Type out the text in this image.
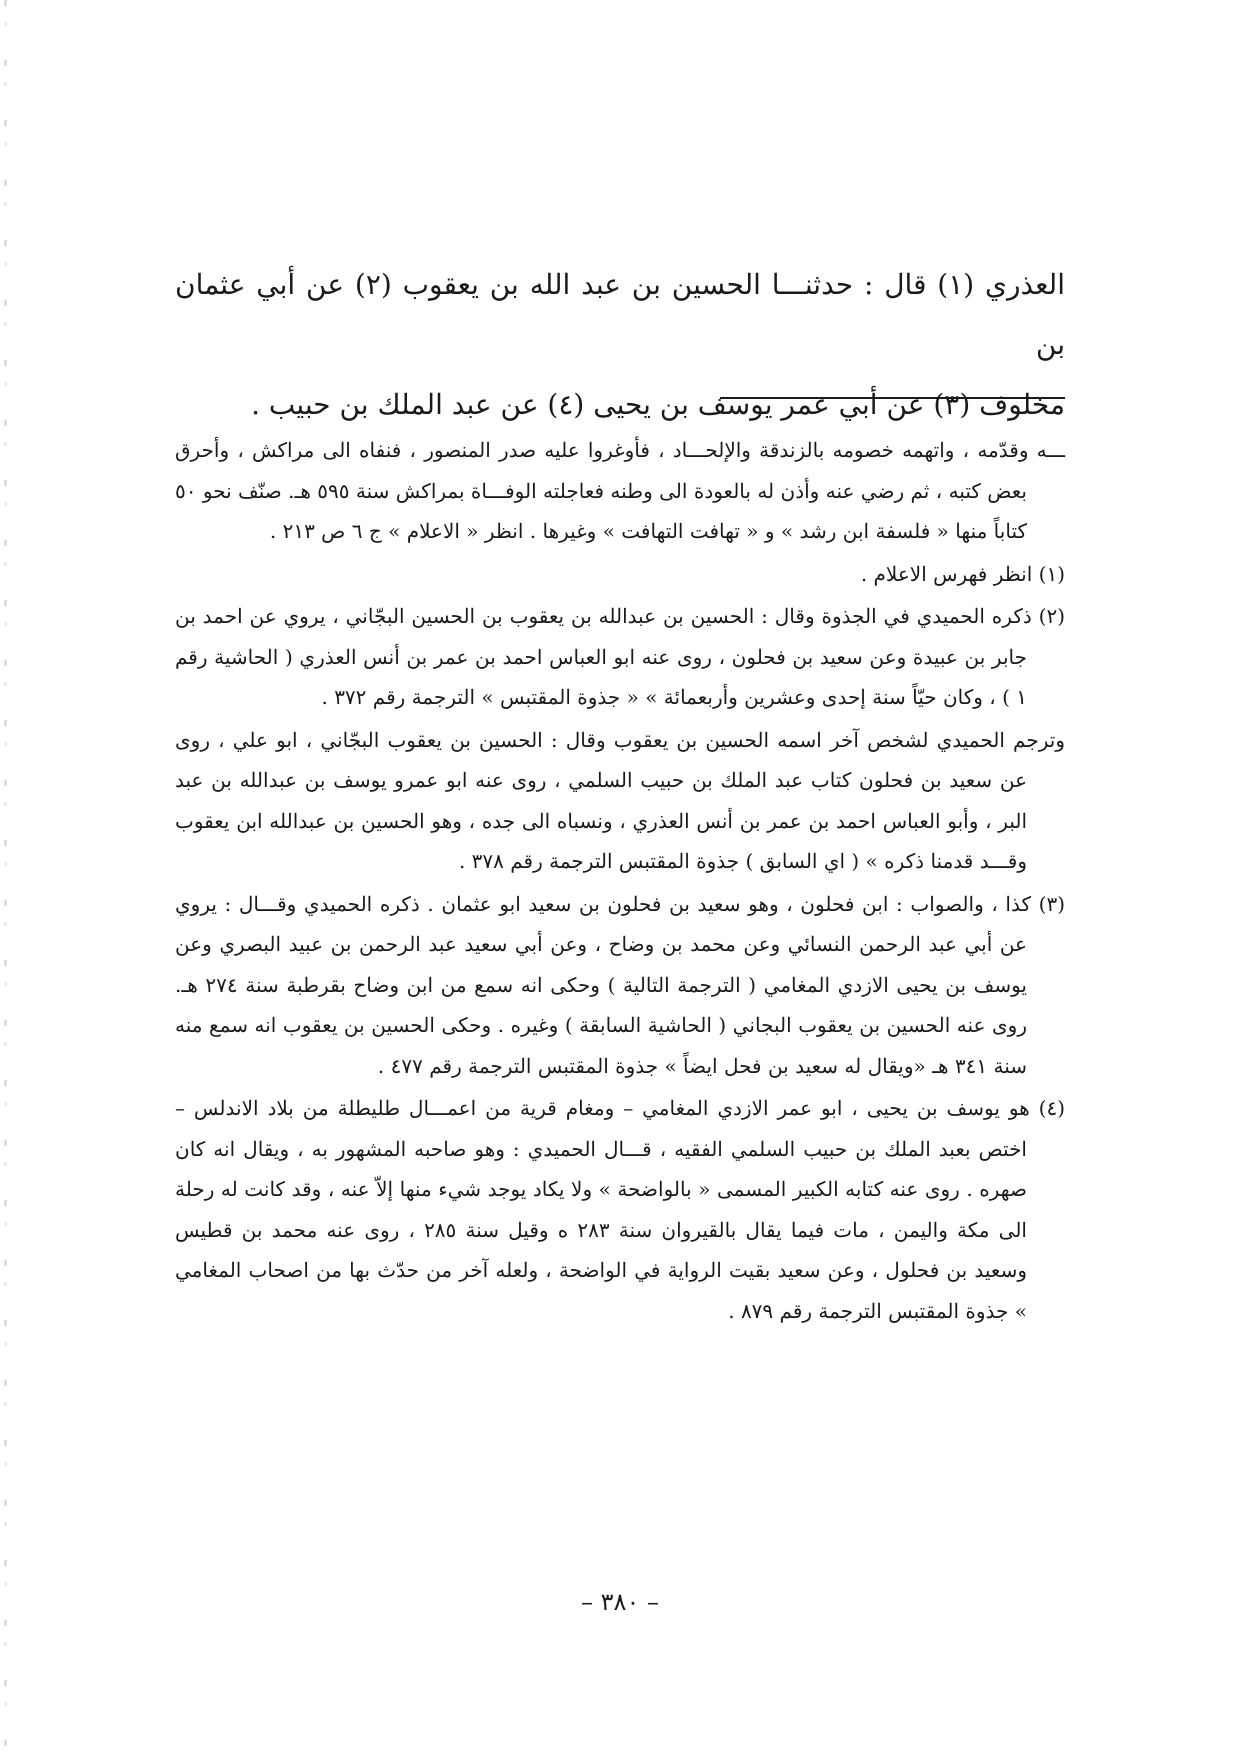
العذري (١) قال : حدثنـــا الحسين بن عبد الله بن يعقوب (٢) عن أبي عثمان بن

مخلوف (٣) عن أبي عمر يوسف بن يحيى (٤) عن عبد الملك بن حبيب .

ـــه وقدّمه ، واتهمه خصومه بالزندقة والإلحـــاد ، فأوغروا عليه صدر المنصور ، فنفاه الى مراكش ، وأحرق بعض كتبه ، ثم رضي عنه وأذن له بالعودة الى وطنه فعاجلته الوفـــاة بمراكش سنة ٥٩٥ هـ. صنّف نحو ٥٠ كتاباً منها « فلسفة ابن رشد » و « تهافت التهافت » وغيرها . انظر « الاعلام » ج ٦ ص ٢١٣ .

(١) انظر فهرس الاعلام .

(٢) ذكره الحميدي في الجذوة وقال : الحسين بن عبدالله بن يعقوب بن الحسين البجّاني ، يروي عن احمد بن جابر بن عبيدة وعن سعيد بن فحلون ، روى عنه ابو العباس احمد بن عمر بن أنس العذري ( الحاشية رقم ١ ) ، وكان حيّاً سنة إحدى وعشرين وأربعمائة » « جذوة المقتبس » الترجمة رقم ٣٧٢ .

وترجم الحميدي لشخص آخر اسمه الحسين بن يعقوب وقال : الحسين بن يعقوب البجّاني ، ابو علي ، روى عن سعيد بن فحلون كتاب عبد الملك بن حبيب السلمي ، روى عنه ابو عمرو يوسف بن عبدالله بن عبد البر ، وأبو العباس احمد بن عمر بن أنس العذري ، ونسباه الى جده ، وهو الحسين بن عبدالله ابن يعقوب وقـــد قدمنا ذكره » ( اي السابق ) جذوة المقتبس الترجمة رقم ٣٧٨ .

(٣) كذا ، والصواب : ابن فحلون ، وهو سعيد بن فحلون بن سعيد ابو عثمان . ذكره الحميدي وقـــال : يروي عن أبي عبد الرحمن النسائي وعن محمد بن وضاح ، وعن أبي سعيد عبد الرحمن بن عبيد البصري وعن يوسف بن يحيى الازدي المغامي ( الترجمة التالية ) وحكى انه سمع من ابن وضاح بقرطبة سنة ٢٧٤ هـ. روى عنه الحسين بن يعقوب البجاني ( الحاشية السابقة ) وغيره . وحكى الحسين بن يعقوب انه سمع منه سنة ٣٤١ هـ «ويقال له سعيد بن فحل ايضاً » جذوة المقتبس الترجمة رقم ٤٧٧ .

(٤) هو يوسف بن يحيى ، ابو عمر الازدي المغامي – ومغام قرية من اعمـــال طليطلة من بلاد الاندلس – اختص بعبد الملك بن حبيب السلمي الفقيه ، قـــال الحميدي : وهو صاحبه المشهور به ، ويقال انه كان صهره . روى عنه كتابه الكبير المسمى « بالواضحة » ولا يكاد يوجد شيء منها إلاّ عنه ، وقد كانت له رحلة الى مكة واليمن ، مات فيما يقال بالقيروان سنة ٢٨٣ ه وقيل سنة ٢٨٥ ، روى عنه محمد بن قطيس وسعيد بن فحلول ، وعن سعيد بقيت الرواية في الواضحة ، ولعله آخر من حدّث بها من اصحاب المغامي » جذوة المقتبس الترجمة رقم ٨٧٩ .

– ٣٨٠ –
